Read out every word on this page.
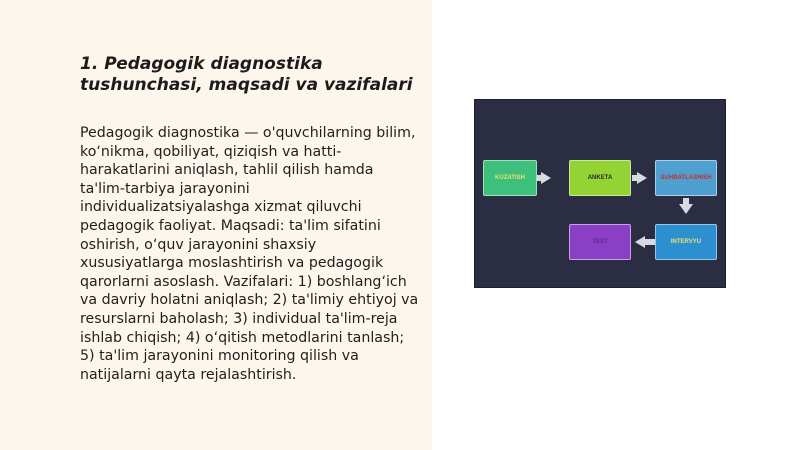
1. Pedagogik diagnostika tushunchasi, maqsadi va vazifalari
Pedagogik diagnostika — o'quvchilarning bilim, ko‘nikma, qobiliyat, qiziqish va hatti-harakatlarini aniqlash, tahlil qilish hamda ta'lim-tarbiya jarayonini individualizatsiyalashga xizmat qiluvchi pedagogik faoliyat. Maqsadi: ta'lim sifatini oshirish, o‘quv jarayonini shaxsiy xususiyatlarga moslashtirish va pedagogik qarorlarni asoslash. Vazifalari: 1) boshlang‘ich va davriy holatni aniqlash; 2) ta'limiy ehtiyoj va resurslarni baholash; 3) individual ta'lim-reja ishlab chiqish; 4) o‘qitish metodlarini tanlash; 5) ta'lim jarayonini monitoring qilish va natijalarni qayta rejalashtirish.
KUZATISH	ANKETA	SUHBATLASHISH
INTERVYU
TEST
